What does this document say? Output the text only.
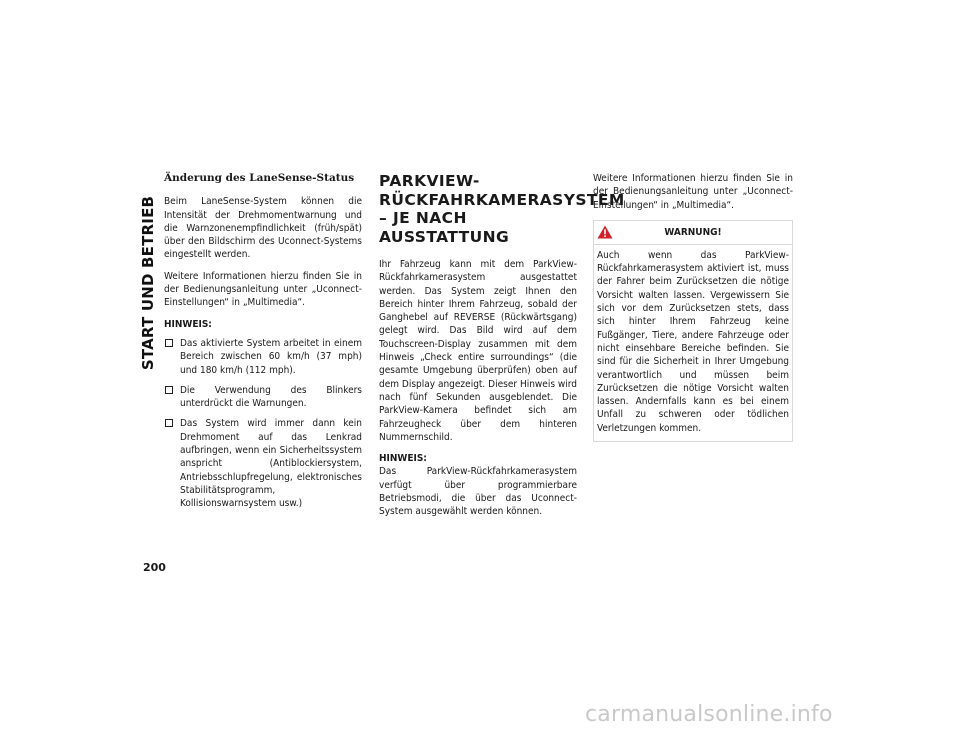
START UND BETRIEB
Änderung des LaneSense-Status

Beim LaneSense-System können die Intensität der Drehmomentwarnung und die Warnzonenempfindlichkeit (früh/spät) über den Bildschirm des Uconnect-Systems eingestellt werden.

Weitere Informationen hierzu finden Sie in der Bedienungsanleitung unter „Uconnect-Einstellungen“ in „Multimedia“.

HINWEIS:
Das aktivierte System arbeitet in einem Bereich zwischen 60 km/h (37 mph) und 180 km/h (112 mph).
Die Verwendung des Blinkers unterdrückt die Warnungen.
Das System wird immer dann kein Drehmoment auf das Lenkrad aufbringen, wenn ein Sicherheitssystem anspricht (Antiblockiersystem, Antriebsschlupfregelung, elektronisches Stabilitätsprogramm, Kollisionswarnsystem usw.)
PARKVIEW-RÜCKFAHRKAMERASYSTEM – JE NACH AUSSTATTUNG

Ihr Fahrzeug kann mit dem ParkView-Rückfahrkamerasystem ausgestattet werden. Das System zeigt Ihnen den Bereich hinter Ihrem Fahrzeug, sobald der Ganghebel auf REVERSE (Rückwärtsgang) gelegt wird. Das Bild wird auf dem Touchscreen-Display zusammen mit dem Hinweis „Check entire surroundings“ (die gesamte Umgebung überprüfen) oben auf dem Display angezeigt. Dieser Hinweis wird nach fünf Sekunden ausgeblendet. Die ParkView-Kamera befindet sich am Fahrzeugheck über dem hinteren Nummernschild.

HINWEIS:

Das ParkView-Rückfahrkamerasystem verfügt über programmierbare Betriebsmodi, die über das Uconnect-System ausgewählt werden können.

Weitere Informationen hierzu finden Sie in der Bedienungsanleitung unter „Uconnect-Einstellungen“ in „Multimedia“.

WARNUNG!
Auch wenn das ParkView-Rückfahrkamerasystem aktiviert ist, muss der Fahrer beim Zurücksetzen die nötige Vorsicht walten lassen. Vergewissern Sie sich vor dem Zurücksetzen stets, dass sich hinter Ihrem Fahrzeug keine Fußgänger, Tiere, andere Fahrzeuge oder nicht einsehbare Bereiche befinden. Sie sind für die Sicherheit in Ihrer Umgebung verantwortlich und müssen beim Zurücksetzen die nötige Vorsicht walten lassen. Andernfalls kann es bei einem Unfall zu schweren oder tödlichen Verletzungen kommen.
200
carmanualsonline.info
